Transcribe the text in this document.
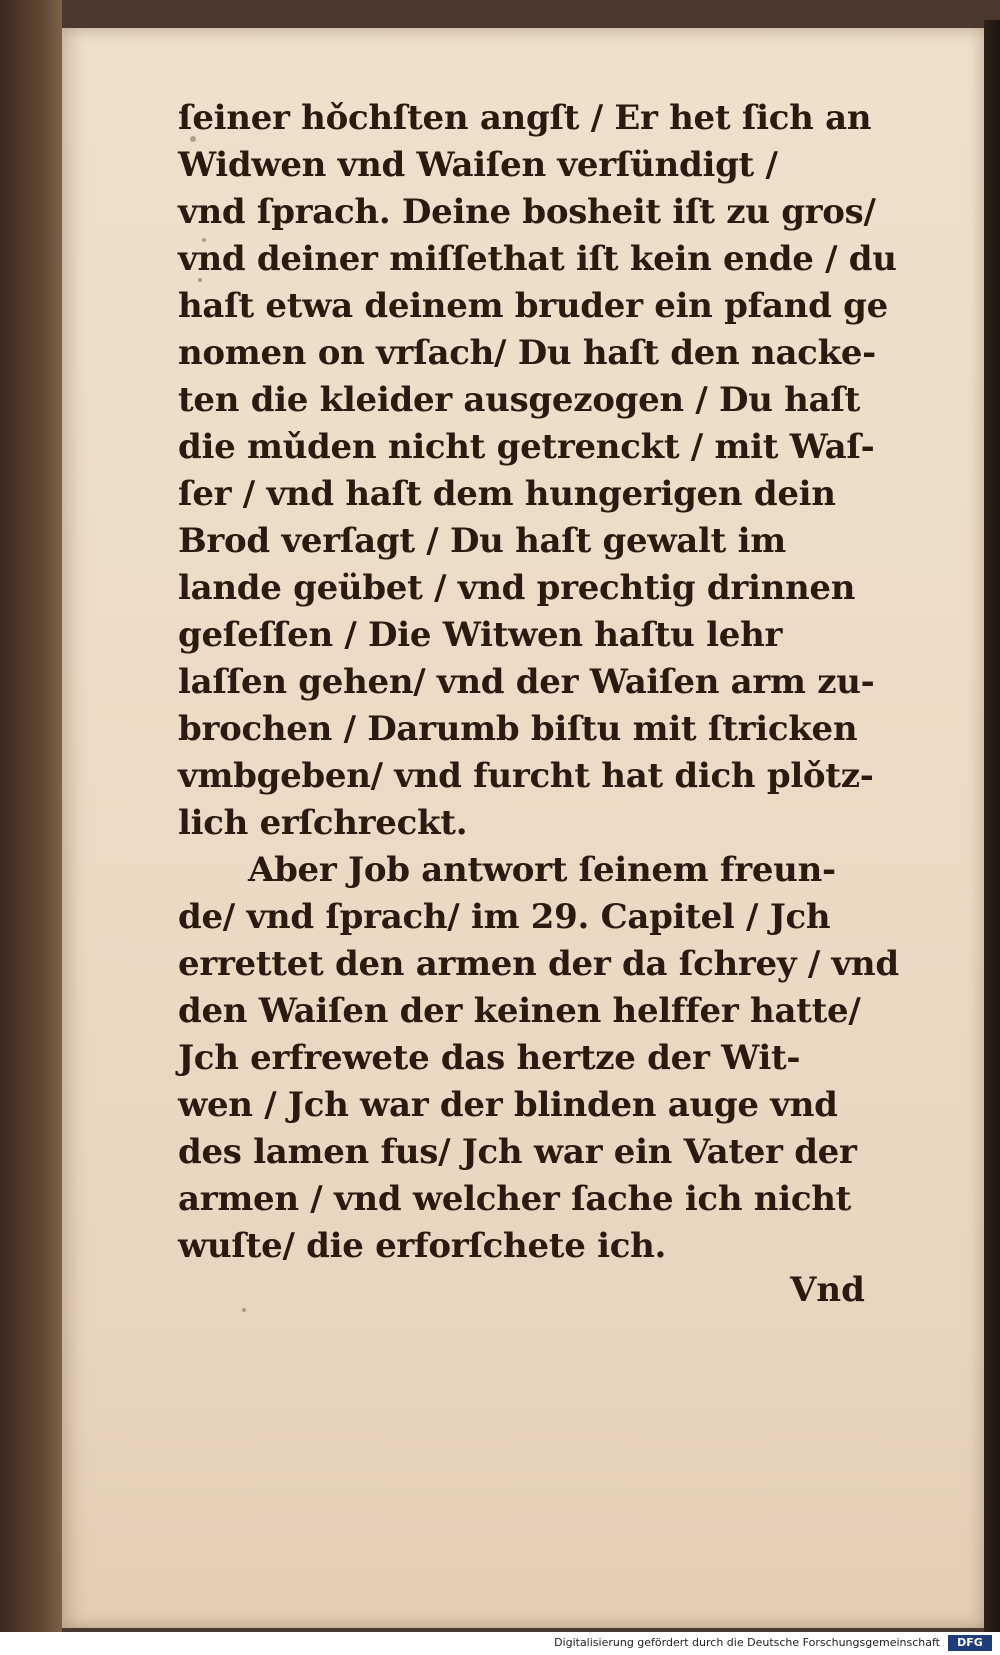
ſeiner hǒchſten angſt / Er het ſich an
Widwen vnd Waiſen verſündigt /
vnd ſprach. Deine bosheit iſt zu gros/
vnd deiner miſſethat iſt kein ende / du
haſt etwa deinem bruder ein pfand ge
nomen on vrſach/ Du haſt den nacke-
ten die kleider ausgezogen / Du haſt
die mǔden nicht getrenckt / mit Waſ-
ſer / vnd haſt dem hungerigen dein
Brod verſagt / Du haſt gewalt im
lande geübet / vnd prechtig drinnen
geſeſſen / Die Witwen haſtu lehr
laſſen gehen/ vnd der Waiſen arm zu-
brochen / Darumb biſtu mit ſtricken
vmbgeben/ vnd furcht hat dich plǒtz-
lich erſchreckt.
Aber Job antwort ſeinem freun-
de/ vnd ſprach/ im 29. Capitel / Jch
errettet den armen der da ſchrey / vnd
den Waiſen der keinen helffer hatte/
Jch erfrewete das hertze der Wit-
wen / Jch war der blinden auge vnd
des lamen fus/ Jch war ein Vater der
armen / vnd welcher ſache ich nicht
wuſte/ die erforſchete ich.
Vnd
Digitalisierung gefördert durch die Deutsche Forschungsgemeinschaft	DFG
